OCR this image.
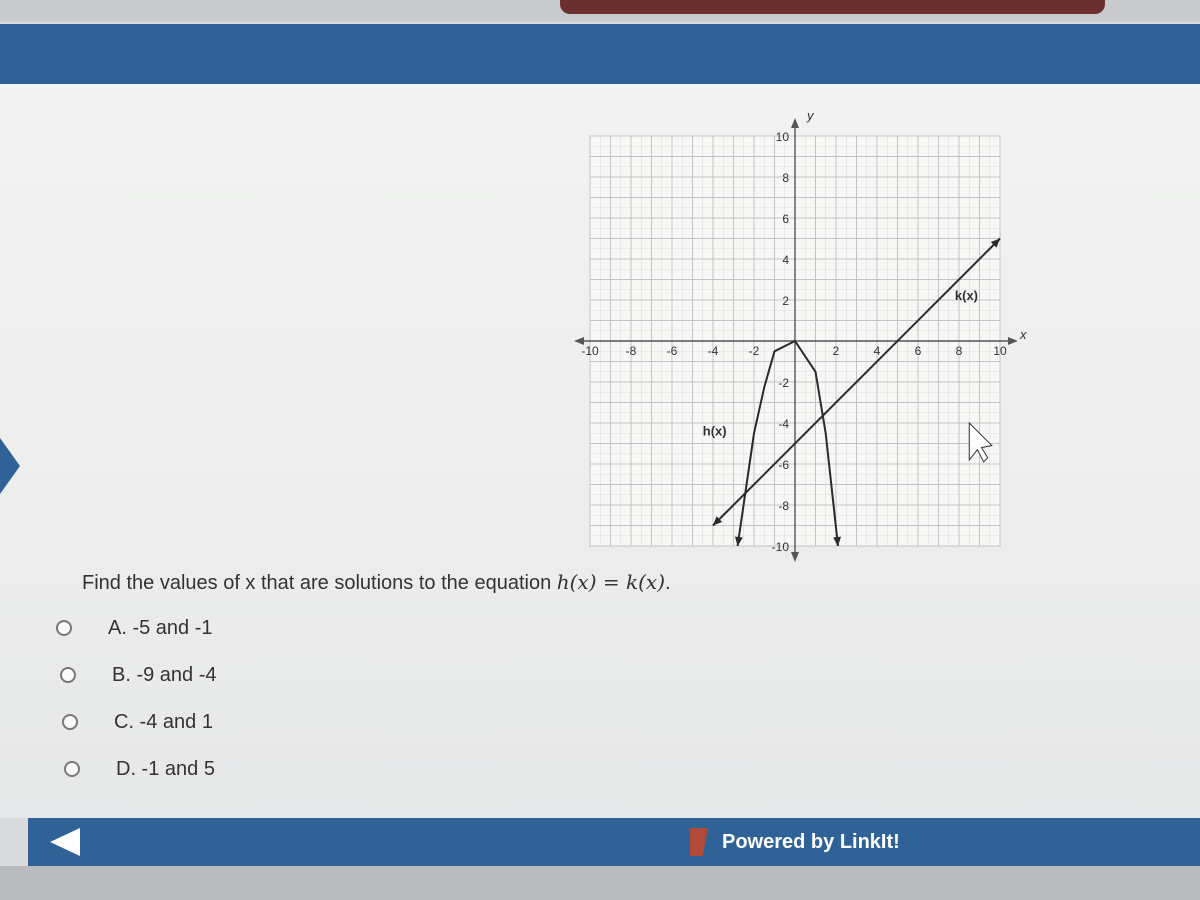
y
x
-10 -8	-6	-4	-2	2	4	6	8	10
10
8
6
4
2
-2
-4
-6
-8
-10
h(x)
k(x)
Find the values of x that are solutions to the equation h(x) = k(x).
A. -5 and -1
B. -9 and -4
C. -4 and 1
D. -1 and 5
Powered by LinkIt!
